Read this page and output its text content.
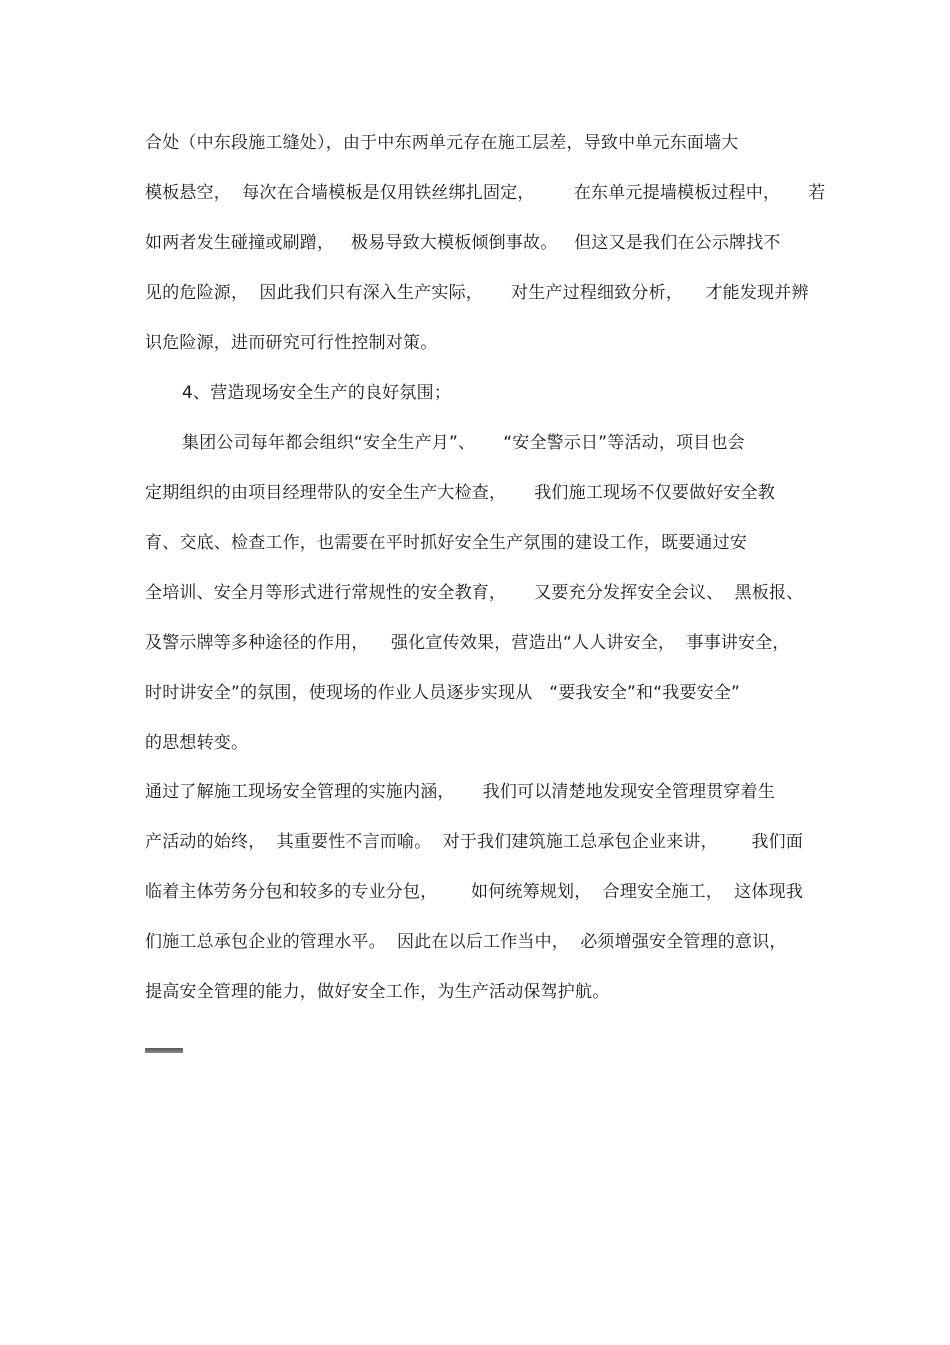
合处（中东段施工缝处），由于中东两单元存在施工层差，导致中单元东面墙大
模板悬空，  每次在合墙模板是仅用铁丝绑扎固定，       在东单元提墙模板过程中，     若
如两者发生碰撞或刷蹭，   极易导致大模板倾倒事故。   但这又是我们在公示牌找不
见的危险源，  因此我们只有深入生产实际，     对生产过程细致分析，    才能发现并辨
识危险源，进而研究可行性控制对策。
4、营造现场安全生产的良好氛围；
集团公司每年都会组织“安全生产月”、     “安全警示日”等活动，项目也会
定期组织的由项目经理带队的安全生产大检查，     我们施工现场不仅要做好安全教
育、交底、检查工作，也需要在平时抓好安全生产氛围的建设工作，既要通过安
全培训、安全月等形式进行常规性的安全教育，     又要充分发挥安全会议、  黑板报、
及警示牌等多种途径的作用，    强化宣传效果，营造出“人人讲安全，  事事讲安全，
时时讲安全”的氛围，使现场的作业人员逐步实现从   “要我安全”和“我要安全”
的思想转变。
通过了解施工现场安全管理的实施内涵，     我们可以清楚地发现安全管理贯穿着生
产活动的始终，  其重要性不言而喻。  对于我们建筑施工总承包企业来讲，      我们面
临着主体劳务分包和较多的专业分包，      如何统筹规划，  合理安全施工，  这体现我
们施工总承包企业的管理水平。  因此在以后工作当中，  必须增强安全管理的意识，
提高安全管理的能力，做好安全工作，为生产活动保驾护航。
